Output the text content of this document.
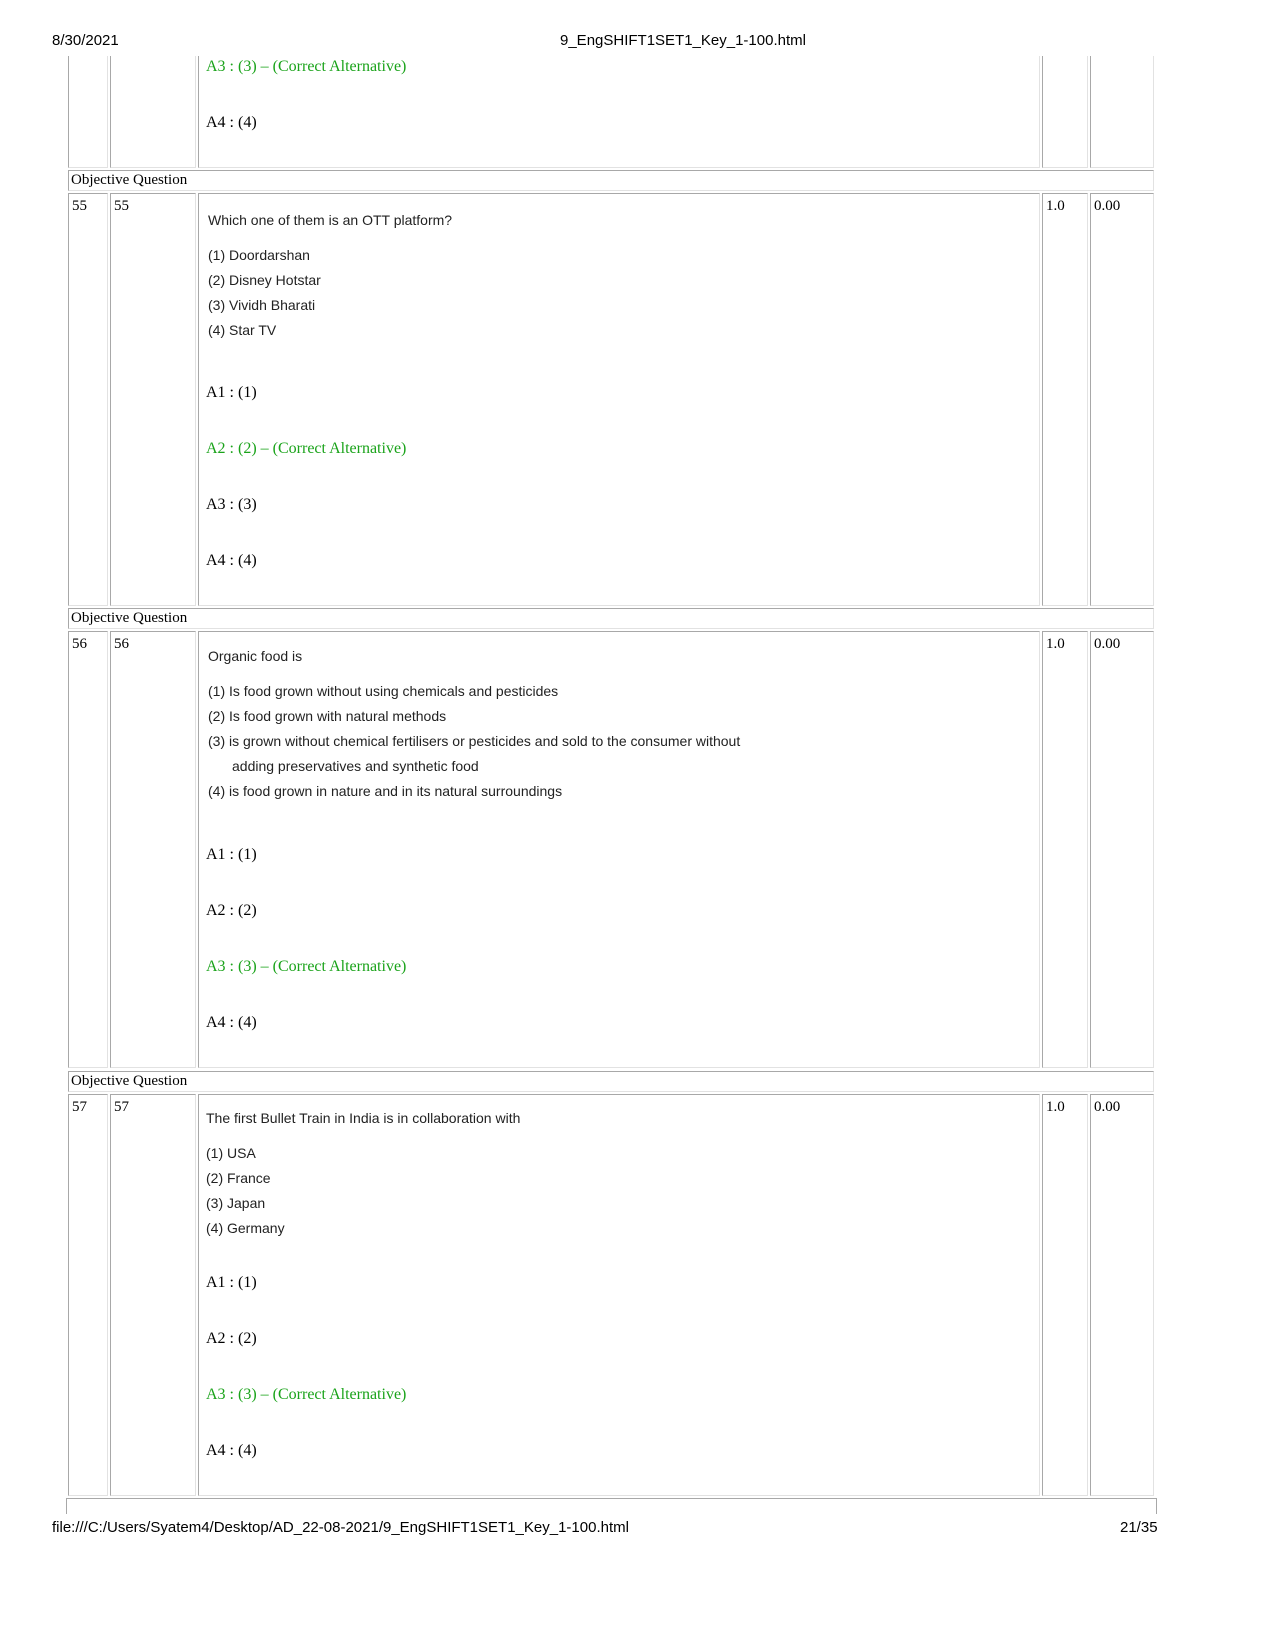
8/30/2021	9_EngSHIFT1SET1_Key_1-100.html
A3 : (3) – (Correct Alternative)
A4 : (4)
Objective Question
55	55	1.0	0.00
Which one of them is an OTT platform?
(1) Doordarshan
(2) Disney Hotstar
(3) Vividh Bharati
(4) Star TV
A1 : (1)
A2 : (2) – (Correct Alternative)
A3 : (3)
A4 : (4)
Objective Question
56	56	1.0	0.00
Organic food is
(1) Is food grown without using chemicals and pesticides
(2) Is food grown with natural methods
(3) is grown without chemical fertilisers or pesticides and sold to the consumer without
adding preservatives and synthetic food
(4) is food grown in nature and in its natural surroundings
A1 : (1)
A2 : (2)
A3 : (3) – (Correct Alternative)
A4 : (4)
Objective Question
57	57	1.0	0.00
The first Bullet Train in India is in collaboration with
(1) USA
(2) France
(3) Japan
(4) Germany
A1 : (1)
A2 : (2)
A3 : (3) – (Correct Alternative)
A4 : (4)
file:///C:/Users/Syatem4/Desktop/AD_22-08-2021/9_EngSHIFT1SET1_Key_1-100.html	21/35
